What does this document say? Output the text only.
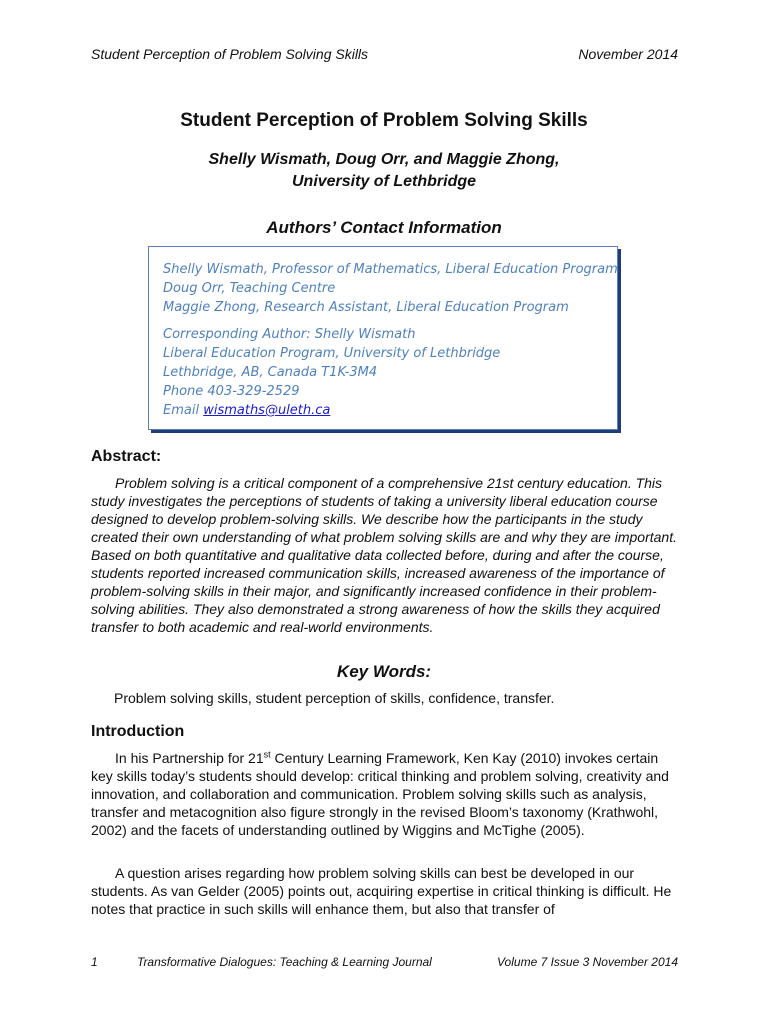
Student Perception of Problem Solving Skills	November 2014
Student Perception of Problem Solving Skills
Shelly Wismath, Doug Orr, and Maggie Zhong,
University of Lethbridge
Authors’ Contact Information
Shelly Wismath, Professor of Mathematics, Liberal Education Program
Doug Orr, Teaching Centre
Maggie Zhong, Research Assistant, Liberal Education Program
Corresponding Author: Shelly Wismath
Liberal Education Program, University of Lethbridge
Lethbridge, AB, Canada T1K-3M4
Phone 403-329-2529
Email wismaths@uleth.ca
Abstract:
Problem solving is a critical component of a comprehensive 21st century education. This study investigates the perceptions of students of taking a university liberal education course designed to develop problem-solving skills. We describe how the participants in the study created their own understanding of what problem solving skills are and why they are important. Based on both quantitative and qualitative data collected before, during and after the course, students reported increased communication skills, increased awareness of the importance of problem-solving skills in their major, and significantly increased confidence in their problem-solving abilities. They also demonstrated a strong awareness of how the skills they acquired transfer to both academic and real-world environments.
Key Words:
Problem solving skills, student perception of skills, confidence, transfer.
Introduction
In his Partnership for 21st Century Learning Framework, Ken Kay (2010) invokes certain key skills today’s students should develop: critical thinking and problem solving, creativity and innovation, and collaboration and communication. Problem solving skills such as analysis, transfer and metacognition also figure strongly in the revised Bloom’s taxonomy (Krathwohl, 2002) and the facets of understanding outlined by Wiggins and McTighe (2005).
A question arises regarding how problem solving skills can best be developed in our students. As van Gelder (2005) points out, acquiring expertise in critical thinking is difficult. He notes that practice in such skills will enhance them, but also that transfer of
1	Transformative Dialogues: Teaching & Learning Journal	Volume 7 Issue 3 November 2014
